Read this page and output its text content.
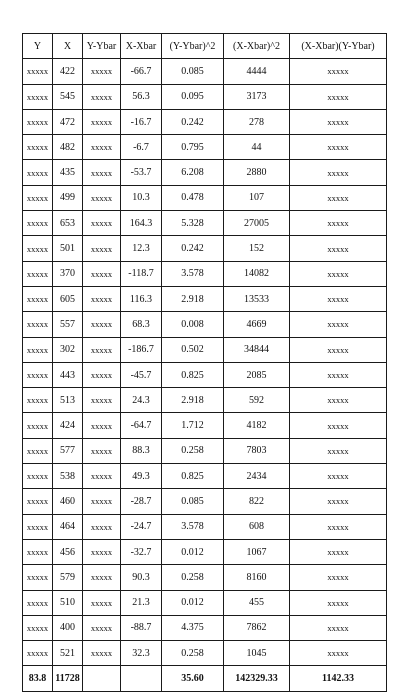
Y	X	Y-Ybar	X-Xbar	(Y-Ybar)^2	(X-Xbar)^2	(X-Xbar)(Y-Ybar)
xxxxx	422	xxxxx	-66.7	0.085	4444	xxxxx
xxxxx	545	xxxxx	56.3	0.095	3173	xxxxx
xxxxx	472	xxxxx	-16.7	0.242	278	xxxxx
xxxxx	482	xxxxx	-6.7	0.795	44	xxxxx
xxxxx	435	xxxxx	-53.7	6.208	2880	xxxxx
xxxxx	499	xxxxx	10.3	0.478	107	xxxxx
xxxxx	653	xxxxx	164.3	5.328	27005	xxxxx
xxxxx	501	xxxxx	12.3	0.242	152	xxxxx
xxxxx	370	xxxxx	-118.7	3.578	14082	xxxxx
xxxxx	605	xxxxx	116.3	2.918	13533	xxxxx
xxxxx	557	xxxxx	68.3	0.008	4669	xxxxx
xxxxx	302	xxxxx	-186.7	0.502	34844	xxxxx
xxxxx	443	xxxxx	-45.7	0.825	2085	xxxxx
xxxxx	513	xxxxx	24.3	2.918	592	xxxxx
xxxxx	424	xxxxx	-64.7	1.712	4182	xxxxx
xxxxx	577	xxxxx	88.3	0.258	7803	xxxxx
xxxxx	538	xxxxx	49.3	0.825	2434	xxxxx
xxxxx	460	xxxxx	-28.7	0.085	822	xxxxx
xxxxx	464	xxxxx	-24.7	3.578	608	xxxxx
xxxxx	456	xxxxx	-32.7	0.012	1067	xxxxx
xxxxx	579	xxxxx	90.3	0.258	8160	xxxxx
xxxxx	510	xxxxx	21.3	0.012	455	xxxxx
xxxxx	400	xxxxx	-88.7	4.375	7862	xxxxx
xxxxx	521	xxxxx	32.3	0.258	1045	xxxxx
83.8	11728			35.60	142329.33	1142.33
